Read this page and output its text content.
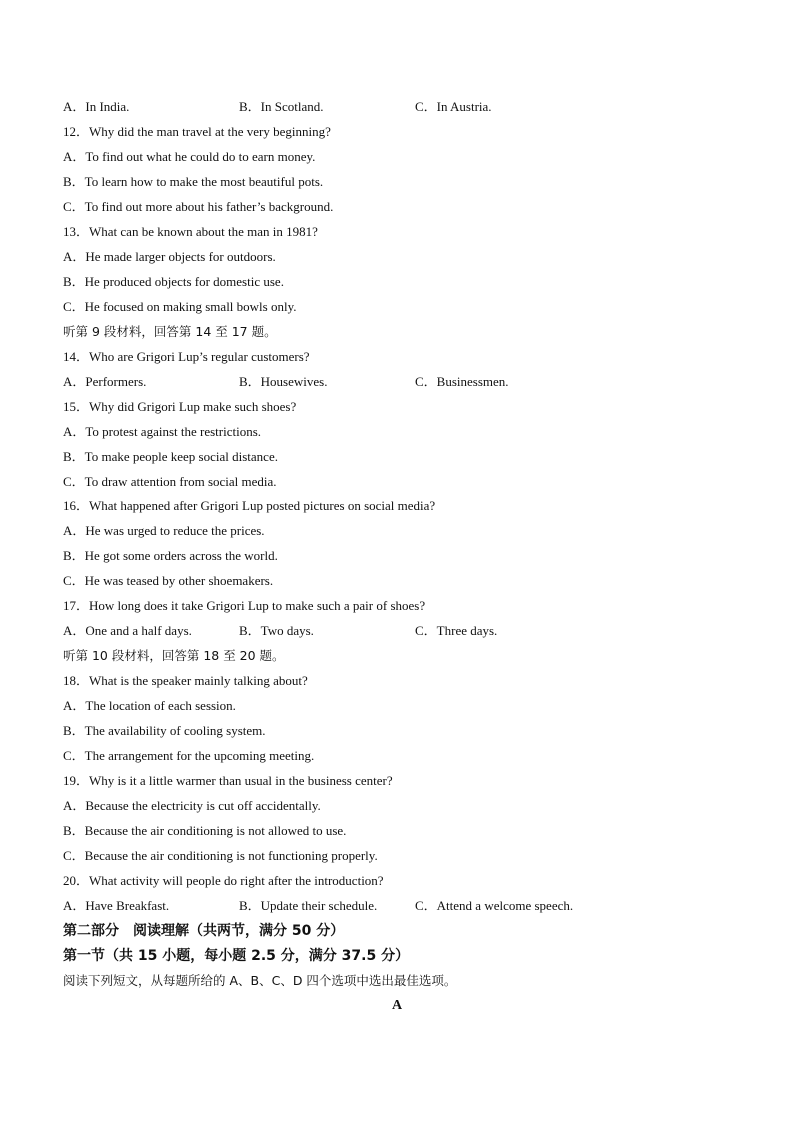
A．In India.	B．In Scotland.	C．In Austria.
12．Why did the man travel at the very beginning?
A．To find out what he could do to earn money.
B．To learn how to make the most beautiful pots.
C．To find out more about his father’s background.
13．What can be known about the man in 1981?
A．He made larger objects for outdoors.
B．He produced objects for domestic use.
C．He focused on making small bowls only.
听第 9 段材料，回答第 14 至 17 题。
14．Who are Grigori Lup’s regular customers?
A．Performers.	B．Housewives.	C．Businessmen.
15．Why did Grigori Lup make such shoes?
A．To protest against the restrictions.
B．To make people keep social distance.
C．To draw attention from social media.
16．What happened after Grigori Lup posted pictures on social media?
A．He was urged to reduce the prices.
B．He got some orders across the world.
C．He was teased by other shoemakers.
17．How long does it take Grigori Lup to make such a pair of shoes?
A．One and a half days.	B．Two days.	C．Three days.
听第 10 段材料，回答第 18 至 20 题。
18．What is the speaker mainly talking about?
A．The location of each session.
B．The availability of cooling system.
C．The arrangement for the upcoming meeting.
19．Why is it a little warmer than usual in the business center?
A．Because the electricity is cut off accidentally.
B．Because the air conditioning is not allowed to use.
C．Because the air conditioning is not functioning properly.
20．What activity will people do right after the introduction?
A．Have Breakfast.	B．Update their schedule.	C．Attend a welcome speech.
第二部分　阅读理解（共两节，满分 50 分）
第一节（共 15 小题，每小题 2.5 分，满分 37.5 分）
阅读下列短文，从每题所给的 A、B、C、D 四个选项中选出最佳选项。
A
